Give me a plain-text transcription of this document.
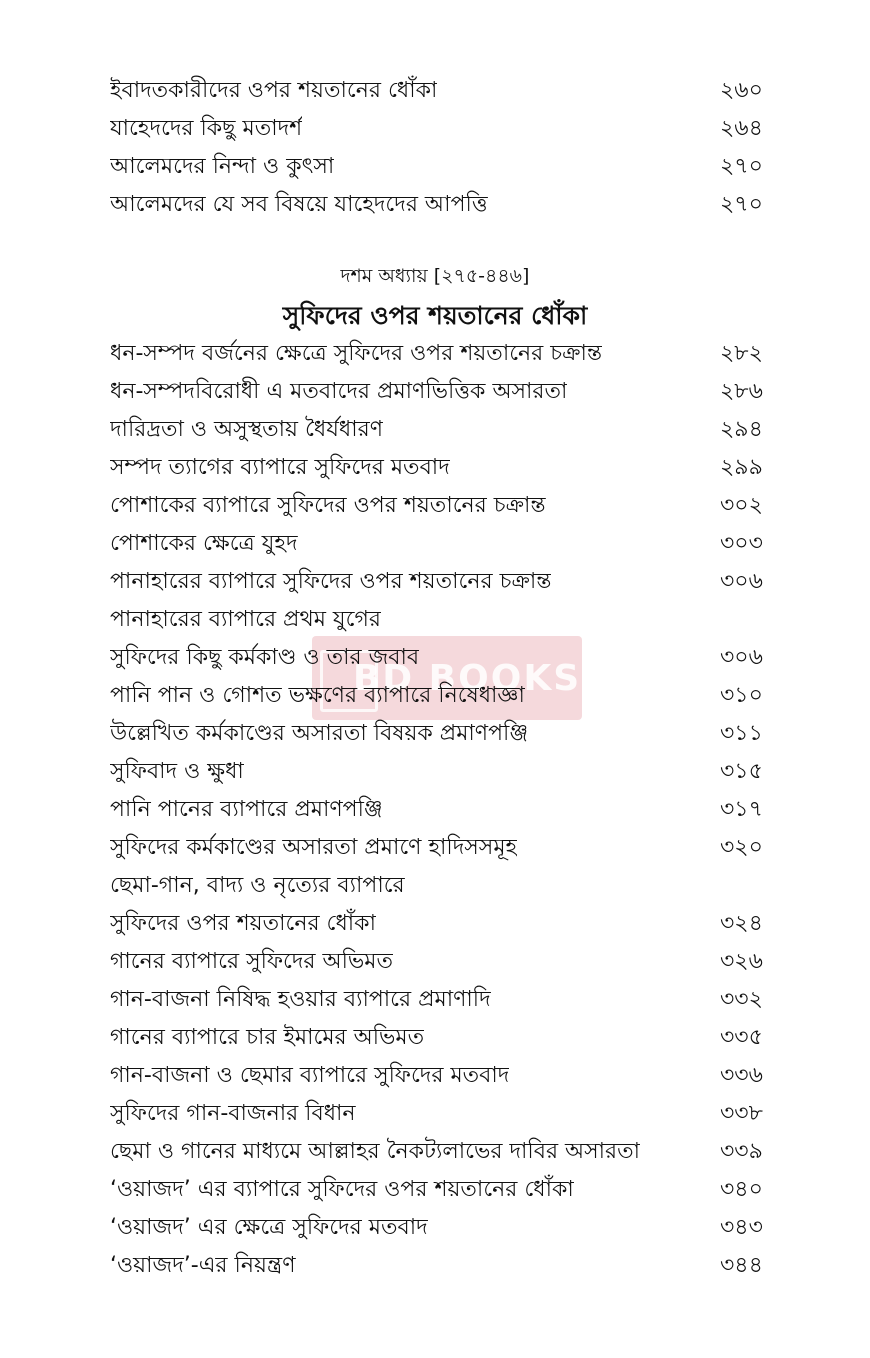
ইবাদতকারীদের ওপর শয়তানের ধোঁকা	২৬০
যাহেদদের কিছু মতাদর্শ	২৬৪
আলেমদের নিন্দা ও কুৎসা	২৭০
আলেমদের যে সব বিষয়ে যাহেদদের আপত্তি	২৭০
দশম অধ্যায় [২৭৫-৪৪৬]
সুফিদের ওপর শয়তানের ধোঁকা
BD BOOKS
ধন-সম্পদ বর্জনের ক্ষেত্রে সুফিদের ওপর শয়তানের চক্রান্ত	২৮২
ধন-সম্পদবিরোধী এ মতবাদের প্রমাণভিত্তিক অসারতা	২৮৬
দারিদ্রতা ও অসুস্থতায় ধৈর্যধারণ	২৯৪
সম্পদ ত্যাগের ব্যাপারে সুফিদের মতবাদ	২৯৯
পোশাকের ব্যাপারে সুফিদের ওপর শয়তানের চক্রান্ত	৩০২
পোশাকের ক্ষেত্রে যুহদ	৩০৩
পানাহারের ব্যাপারে সুফিদের ওপর শয়তানের চক্রান্ত	৩০৬
পানাহারের ব্যাপারে প্রথম যুগের
সুফিদের কিছু কর্মকাণ্ড ও তার জবাব	৩০৬
পানি পান ও গোশত ভক্ষণের ব্যাপারে নিষেধাজ্ঞা	৩১০
উল্লেখিত কর্মকাণ্ডের অসারতা বিষয়ক প্রমাণপঞ্জি	৩১১
সুফিবাদ ও ক্ষুধা	৩১৫
পানি পানের ব্যাপারে প্রমাণপঞ্জি	৩১৭
সুফিদের কর্মকাণ্ডের অসারতা প্রমাণে হাদিসসমূহ	৩২০
ছেমা-গান, বাদ্য ও নৃত্যের ব্যাপারে
সুফিদের ওপর শয়তানের ধোঁকা	৩২৪
গানের ব্যাপারে সুফিদের অভিমত	৩২৬
গান-বাজনা নিষিদ্ধ হওয়ার ব্যাপারে প্রমাণাদি	৩৩২
গানের ব্যাপারে চার ইমামের অভিমত	৩৩৫
গান-বাজনা ও ছেমার ব্যাপারে সুফিদের মতবাদ	৩৩৬
সুফিদের গান-বাজনার বিধান	৩৩৮
ছেমা ও গানের মাধ্যমে আল্লাহর নৈকট্যলাভের দাবির অসারতা	৩৩৯
‘ওয়াজদ’ এর ব্যাপারে সুফিদের ওপর শয়তানের ধোঁকা	৩৪০
‘ওয়াজদ’ এর ক্ষেত্রে সুফিদের মতবাদ	৩৪৩
‘ওয়াজদ’-এর নিয়ন্ত্রণ	৩৪৪
